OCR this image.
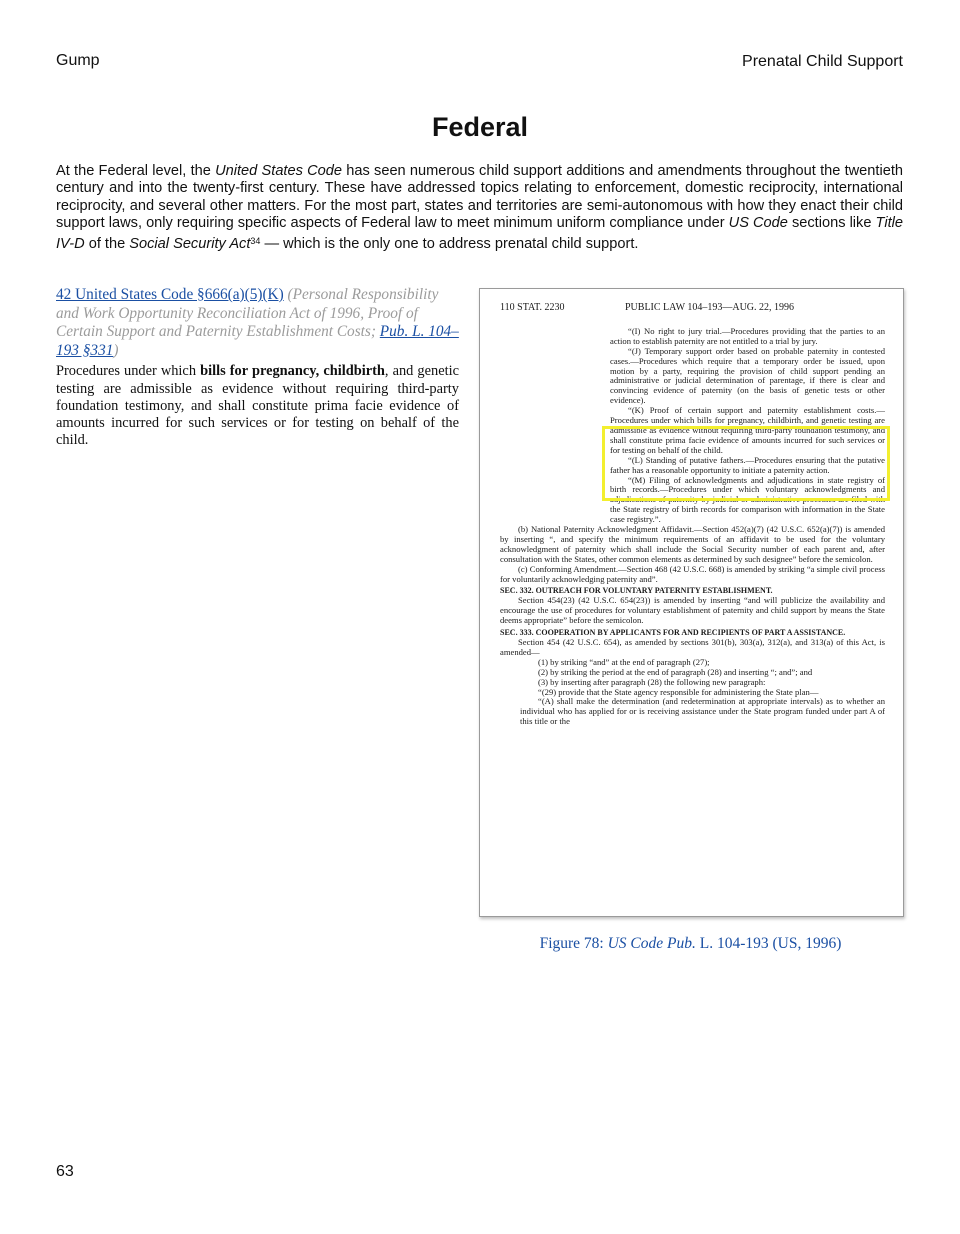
Gump	Prenatal Child Support
Federal

At the Federal level, the United States Code has seen numerous child support additions and amendments throughout the twentieth century and into the twenty-first century. These have addressed topics relating to enforcement, domestic reciprocity, international reciprocity, and several other matters. For the most part, states and territories are semi-autonomous with how they enact their child support laws, only requiring specific aspects of Federal law to meet minimum uniform compliance under US Code sections like Title IV-D of the Social Security Act$^{34}$ — which is the only one to address prenatal child support.

42 United States Code §666(a)(5)(K) (Personal Responsibility and Work Opportunity Reconciliation Act of 1996, Proof of Certain Support and Paternity Establishment Costs; Pub. L. 104–193 §331)

Procedures under which bills for pregnancy, childbirth, and genetic testing are admissible as evidence without requiring third-party foundation testimony, and shall constitute prima facie evidence of amounts incurred for such services or for testing on behalf of the child.

110 STAT. 2230	PUBLIC LAW 104–193—AUG. 22, 1996

“(I) No right to jury trial.—Procedures providing that the parties to an action to establish paternity are not entitled to a trial by jury.

“(J) Temporary support order based on probable paternity in contested cases.—Procedures which require that a temporary order be issued, upon motion by a party, requiring the provision of child support pending an administrative or judicial determination of parentage, if there is clear and convincing evidence of paternity (on the basis of genetic tests or other evidence).

“(K) Proof of certain support and paternity establishment costs.—Procedures under which bills for pregnancy, childbirth, and genetic testing are admissible as evidence without requiring third-party foundation testimony, and shall constitute prima facie evidence of amounts incurred for such services or for testing on behalf of the child.

“(L) Standing of putative fathers.—Procedures ensuring that the putative father has a reasonable opportunity to initiate a paternity action.

“(M) Filing of acknowledgments and adjudications in state registry of birth records.—Procedures under which voluntary acknowledgments and adjudications of paternity by judicial or administrative processes are filed with the State registry of birth records for comparison with information in the State case registry.”.

(b) National Paternity Acknowledgment Affidavit.—Section 452(a)(7) (42 U.S.C. 652(a)(7)) is amended by inserting “, and specify the minimum requirements of an affidavit to be used for the voluntary acknowledgment of paternity which shall include the Social Security number of each parent and, after consultation with the States, other common elements as determined by such designee” before the semicolon.

(c) Conforming Amendment.—Section 468 (42 U.S.C. 668) is amended by striking “a simple civil process for voluntarily acknowledging paternity and”.

SEC. 332. OUTREACH FOR VOLUNTARY PATERNITY ESTABLISHMENT.

Section 454(23) (42 U.S.C. 654(23)) is amended by inserting “and will publicize the availability and encourage the use of procedures for voluntary establishment of paternity and child support by means the State deems appropriate” before the semicolon.

SEC. 333. COOPERATION BY APPLICANTS FOR AND RECIPIENTS OF PART A ASSISTANCE.

Section 454 (42 U.S.C. 654), as amended by sections 301(b), 303(a), 312(a), and 313(a) of this Act, is amended—

(1) by striking “and” at the end of paragraph (27);

(2) by striking the period at the end of paragraph (28) and inserting “; and”; and

(3) by inserting after paragraph (28) the following new paragraph:

“(29) provide that the State agency responsible for administering the State plan—

“(A) shall make the determination (and redetermination at appropriate intervals) as to whether an individual who has applied for or is receiving assistance under the State program funded under part A of this title or the

Figure 78: US Code Pub. L. 104-193 (US, 1996)
63
